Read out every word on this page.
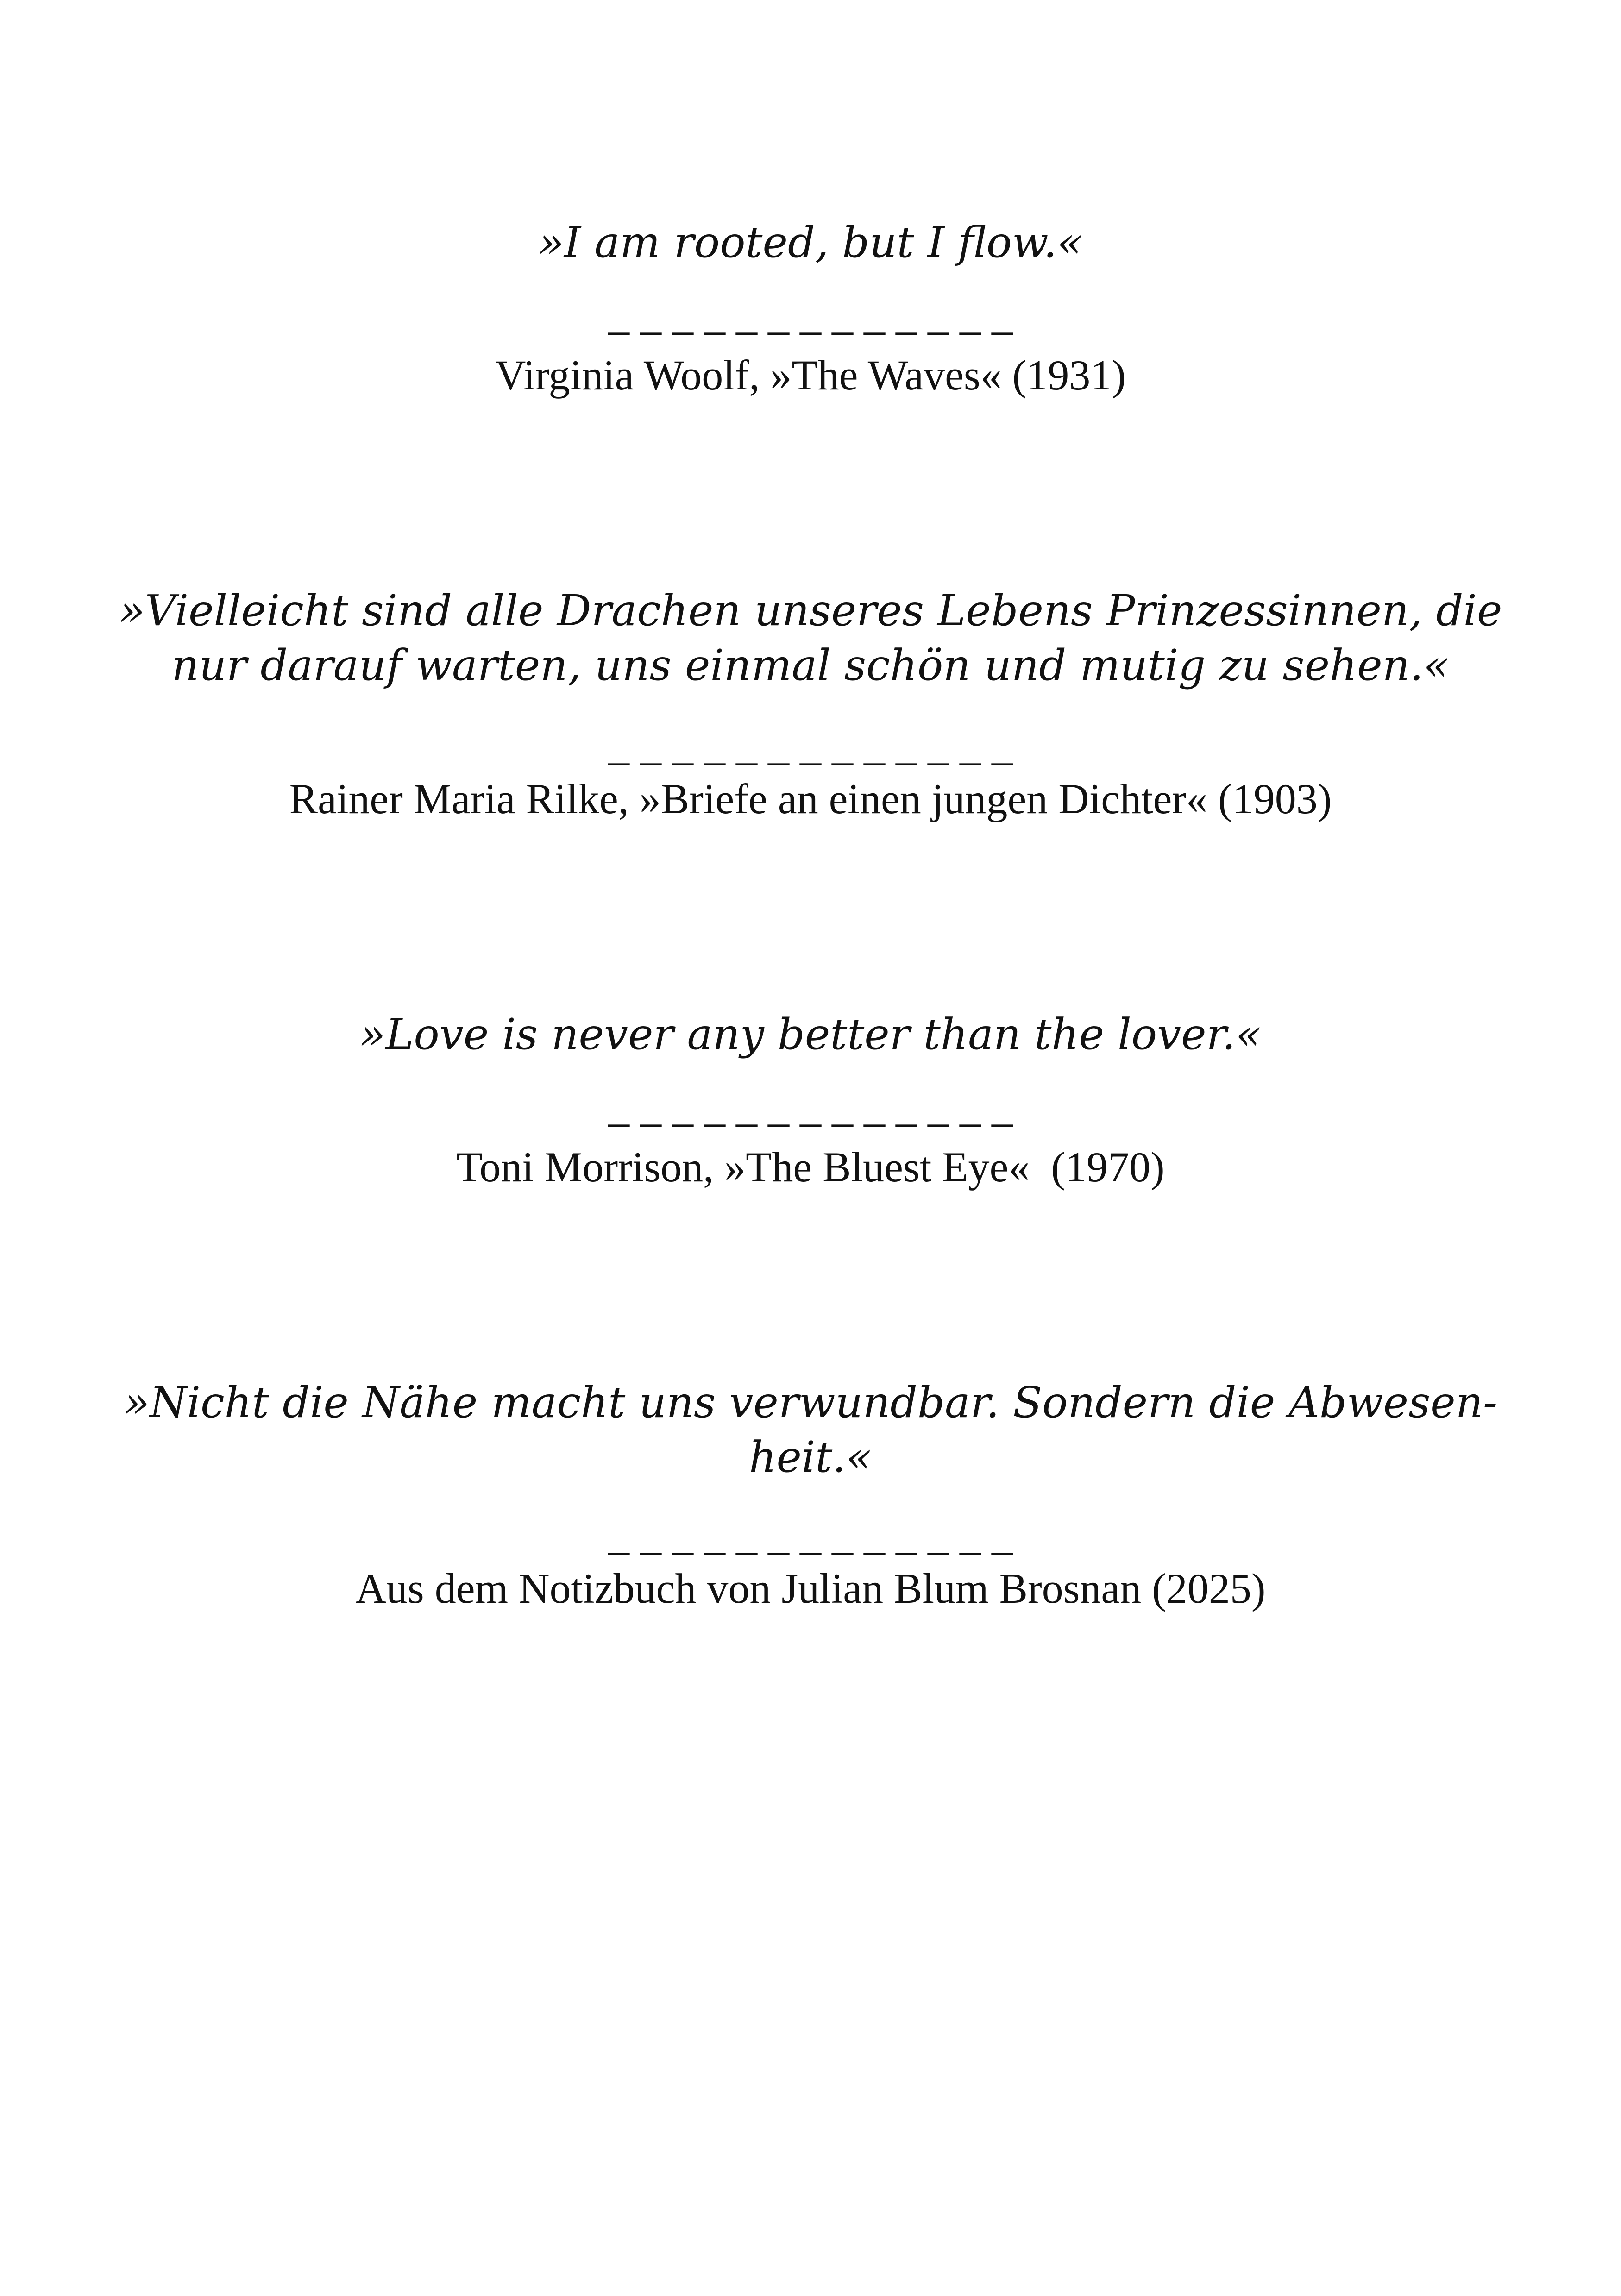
»I am rooted, but I flow.«
_ _ _ _ _ _ _ _ _ _ _ _ _
Virginia Woolf, »The Waves« (1931)
»Vielleicht sind alle Drachen unseres Lebens Prinzessinnen, die
nur darauf warten, uns einmal schön und mutig zu sehen.«
_ _ _ _ _ _ _ _ _ _ _ _ _
Rainer Maria Rilke, »Briefe an einen jungen Dichter« (1903)
»Love is never any better than the lover.«
_ _ _ _ _ _ _ _ _ _ _ _ _
Toni Morrison, »The Bluest Eye«  (1970)
»Nicht die Nähe macht uns verwundbar. Sondern die Abwesen-
heit.«
_ _ _ _ _ _ _ _ _ _ _ _ _
Aus dem Notizbuch von Julian Blum Brosnan (2025)
